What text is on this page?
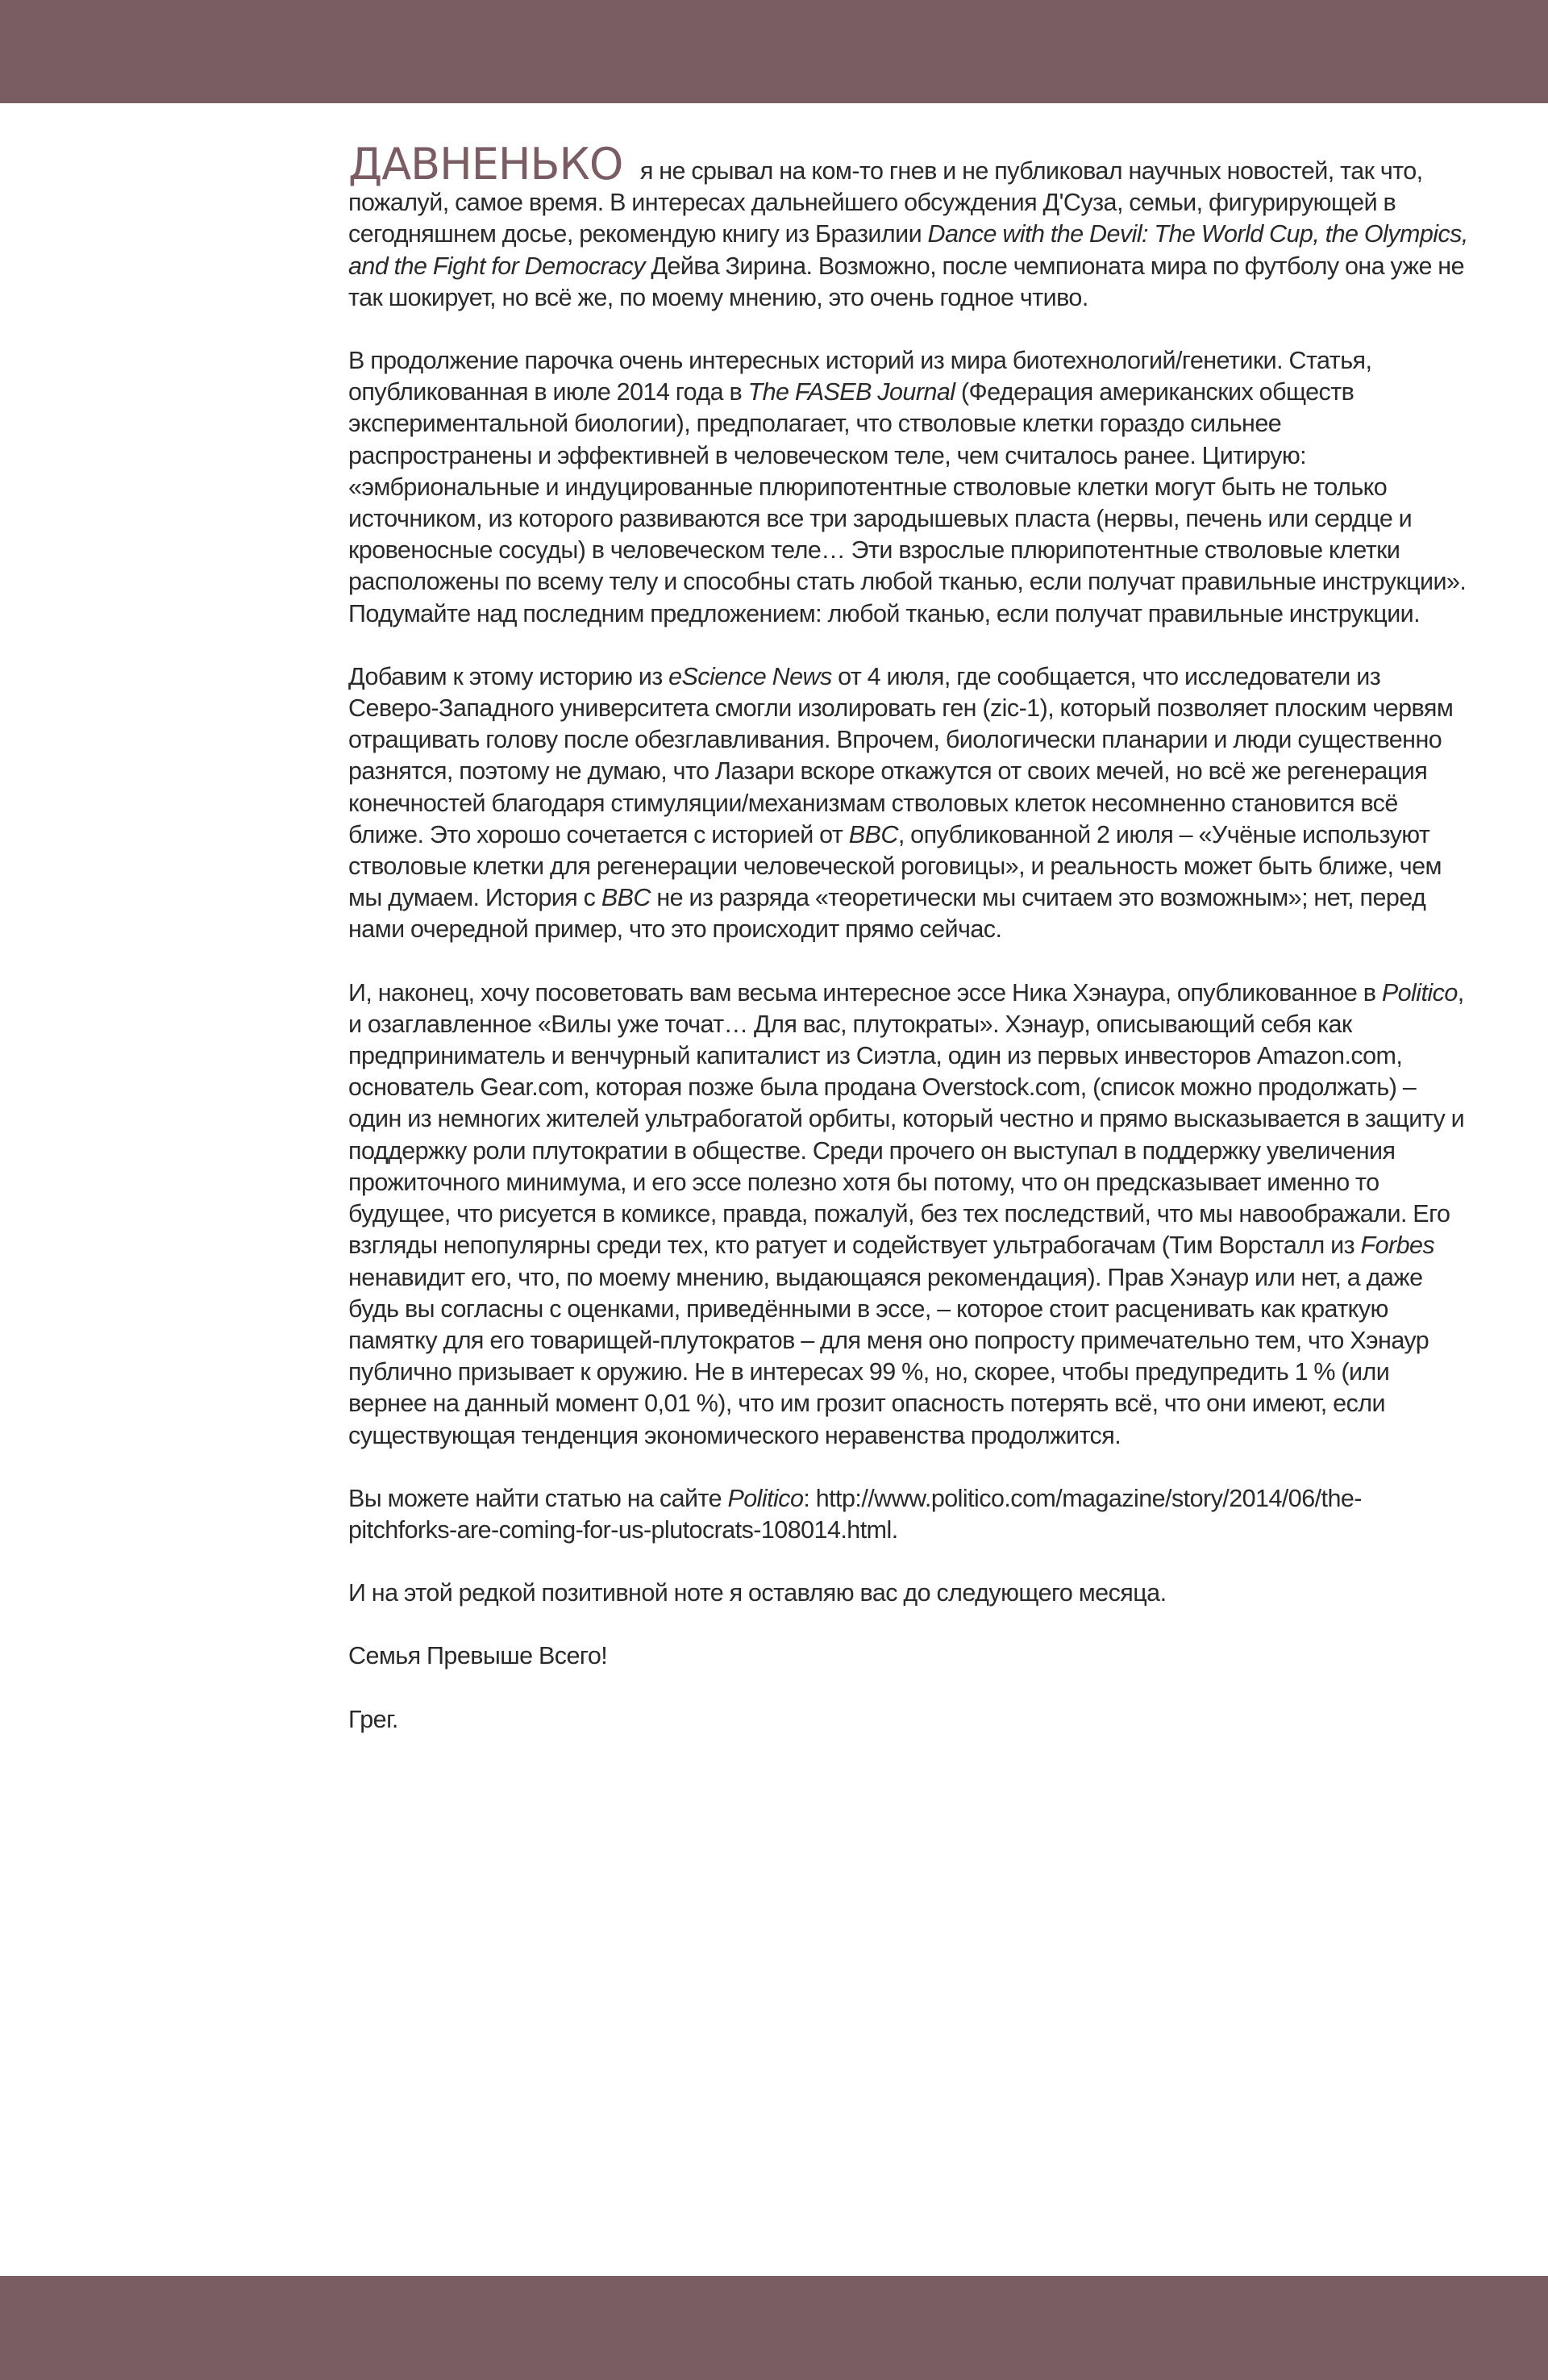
ДАВНЕНЬКО я не срывал на ком-то гнев и не публиковал научных новостей, так что, пожалуй, самое время. В интересах дальнейшего обсуждения Д'Суза, семьи, фигурирующей в сегодняшнем досье, рекомендую книгу из Бразилии Dance with the Devil: The World Cup, the Olympics, and the Fight for Democracy Дейва Зирина. Возможно, после чемпионата мира по футболу она уже не так шокирует, но всё же, по моему мнению, это очень годное чтиво.

В продолжение парочка очень интересных историй из мира биотехнологий/генетики. Статья, опубликованная в июле 2014 года в The FASEB Journal (Федерация американских обществ экспериментальной биологии), предполагает, что стволовые клетки гораздо сильнее распространены и эффективней в человеческом теле, чем считалось ранее. Цитирую: «эмбриональные и индуцированные плюрипотентные стволовые клетки могут быть не только источником, из которого развиваются все три зародышевых пласта (нервы, печень или сердце и кровеносные сосуды) в человеческом теле… Эти взрослые плюрипотентные стволовые клетки расположены по всему телу и способны стать любой тканью, если получат правильные инструкции». Подумайте над последним предложением: любой тканью, если получат правильные инструкции.

Добавим к этому историю из eScience News от 4 июля, где сообщается, что исследователи из Северо-Западного университета смогли изолировать ген (zic-1), который позволяет плоским червям отращивать голову после обезглавливания. Впрочем, биологически планарии и люди существенно разнятся, поэтому не думаю, что Лазари вскоре откажутся от своих мечей, но всё же регенерация конечностей благодаря стимуляции/механизмам стволовых клеток несомненно становится всё ближе. Это хорошо сочетается с историей от BBC, опубликованной 2 июля – «Учёные используют стволовые клетки для регенерации человеческой роговицы», и реальность может быть ближе, чем мы думаем. История с BBC не из разряда «теоретически мы считаем это возможным»; нет, перед нами очередной пример, что это происходит прямо сейчас.

И, наконец, хочу посоветовать вам весьма интересное эссе Ника Хэнаура, опубликованное в Politico, и озаглавленное «Вилы уже точат… Для вас, плутократы». Хэнаур, описывающий себя как предприниматель и венчурный капиталист из Сиэтла, один из первых инвесторов Amazon.com, основатель Gear.com, которая позже была продана Overstock.com, (список можно продолжать) – один из немногих жителей ультрабогатой орбиты, который честно и прямо высказывается в защиту и поддержку роли плутократии в обществе. Среди прочего он выступал в поддержку увеличения прожиточного минимума, и его эссе полезно хотя бы потому, что он предсказывает именно то будущее, что рисуется в комиксе, правда, пожалуй, без тех последствий, что мы навоображали. Его взгляды непопулярны среди тех, кто ратует и содействует ультрабогачам (Тим Ворсталл из Forbes ненавидит его, что, по моему мнению, выдающаяся рекомендация). Прав Хэнаур или нет, а даже будь вы согласны с оценками, приведёнными в эссе, – которое стоит расценивать как краткую памятку для его товарищей-плутократов – для меня оно попросту примечательно тем, что Хэнаур публично призывает к оружию. Не в интересах 99 %, но, скорее, чтобы предупредить 1 % (или вернее на данный момент 0,01 %), что им грозит опасность потерять всё, что они имеют, если существующая тенденция экономического неравенства продолжится.

Вы можете найти статью на сайте Politico: http://www.politico.com/magazine/story/2014/06/the-pitchforks-are-coming-for-us-plutocrats-108014.html.

И на этой редкой позитивной ноте я оставляю вас до следующего месяца.

Семья Превыше Всего!

Грег.
